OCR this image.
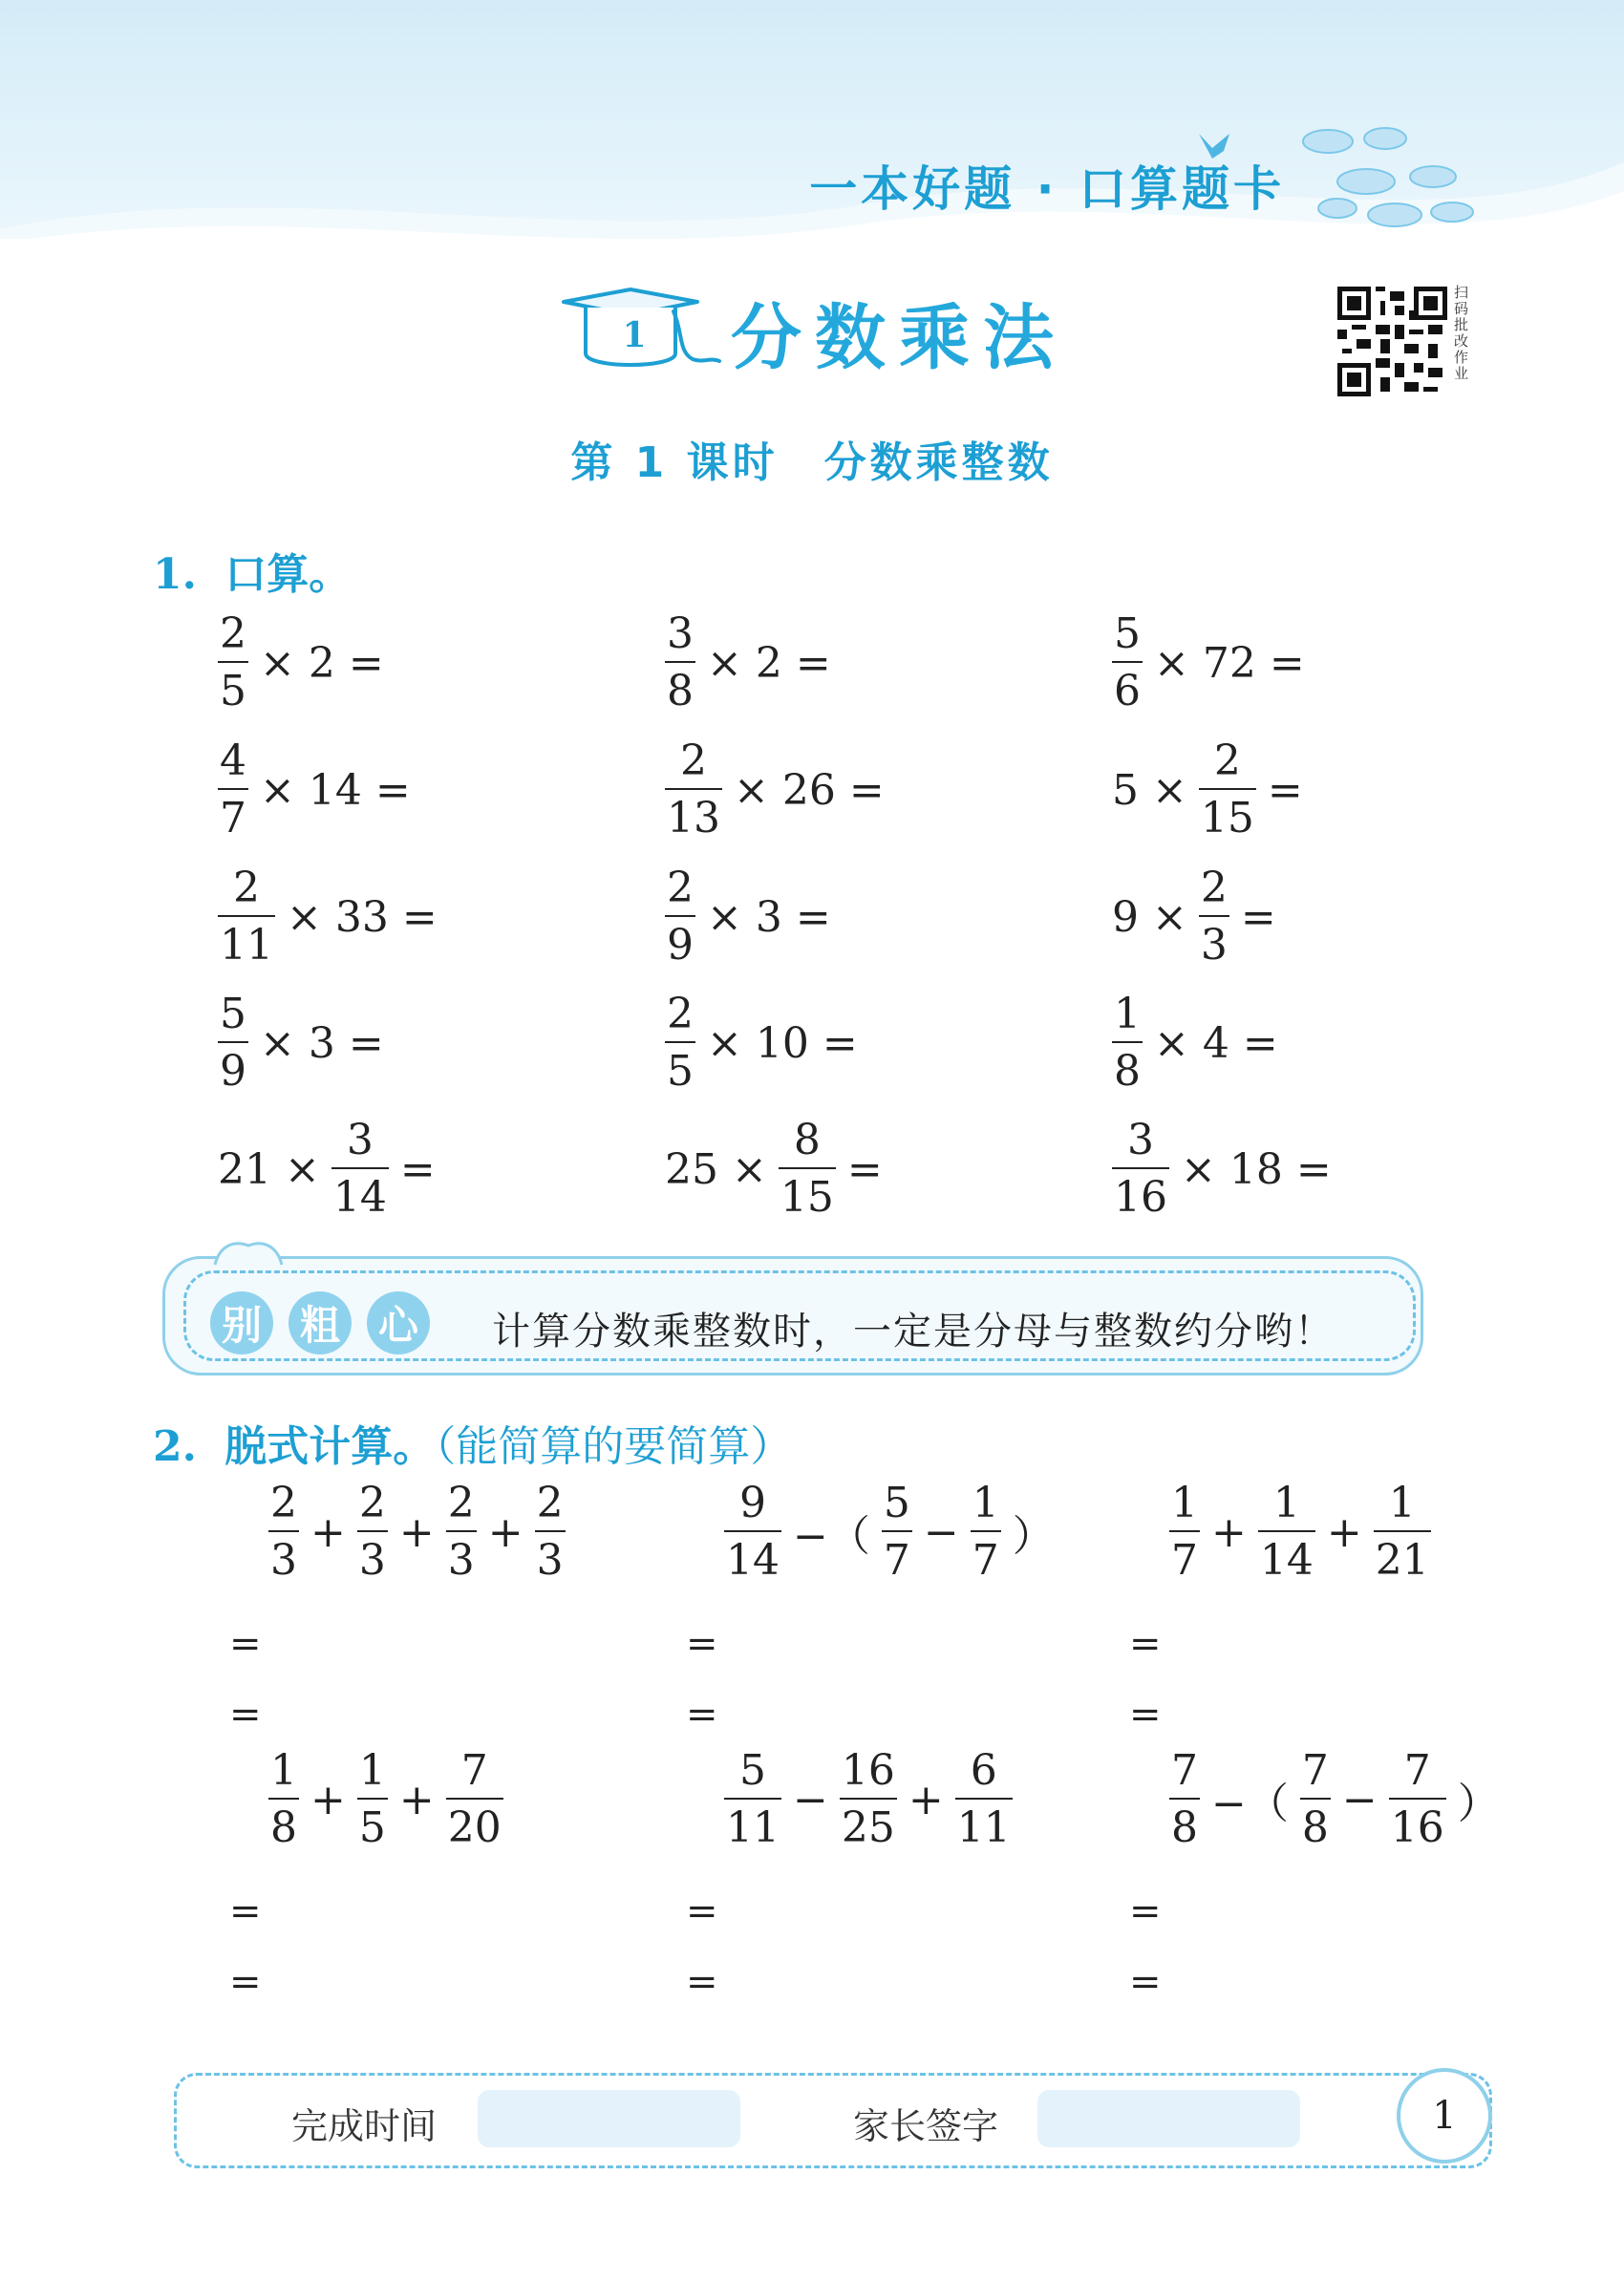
一本好题 · 口算题卡
1 分数乘法
扫码批改作业
第 1 课时　分数乘整数
1. 口算。
$\frac{2}{5} \times 2$ =	$\frac{3}{8} \times 2$ =	$\frac{5}{6} \times 72$ =
$\frac{4}{7} \times 14$ =	$\frac{2}{13} \times 26$ =	$5 \times \frac{2}{15}$ =
$\frac{2}{11} \times 33$ =	$\frac{2}{9} \times 3$ =	$9 \times \frac{2}{3}$ =
$\frac{5}{9} \times 3$ =	$\frac{2}{5} \times 10$ =	$\frac{1}{8} \times 4$ =
$21 \times \frac{3}{14}$ =	$25 \times \frac{8}{15}$ =	$\frac{3}{16} \times 18$ =
别 粗 心	计算分数乘整数时，一定是分母与整数约分哟！
2. 脱式计算。（能简算的要简算）
$\frac{2}{3} + \frac{2}{3} + \frac{2}{3} + \frac{2}{3}$
=
=
$\frac{9}{14}$ −（ $\frac{5}{7} - \frac{1}{7}$ ）
=
=
$\frac{1}{7} + \frac{1}{14} + \frac{1}{21}$
=
=
$\frac{1}{8} + \frac{1}{5} + \frac{7}{20}$
=
=
$\frac{5}{11} - \frac{16}{25} + \frac{6}{11}$
=
=
$\frac{7}{8}$ −（ $\frac{7}{8} - \frac{7}{16}$ ）
=
=
完成时间	家长签字	1
